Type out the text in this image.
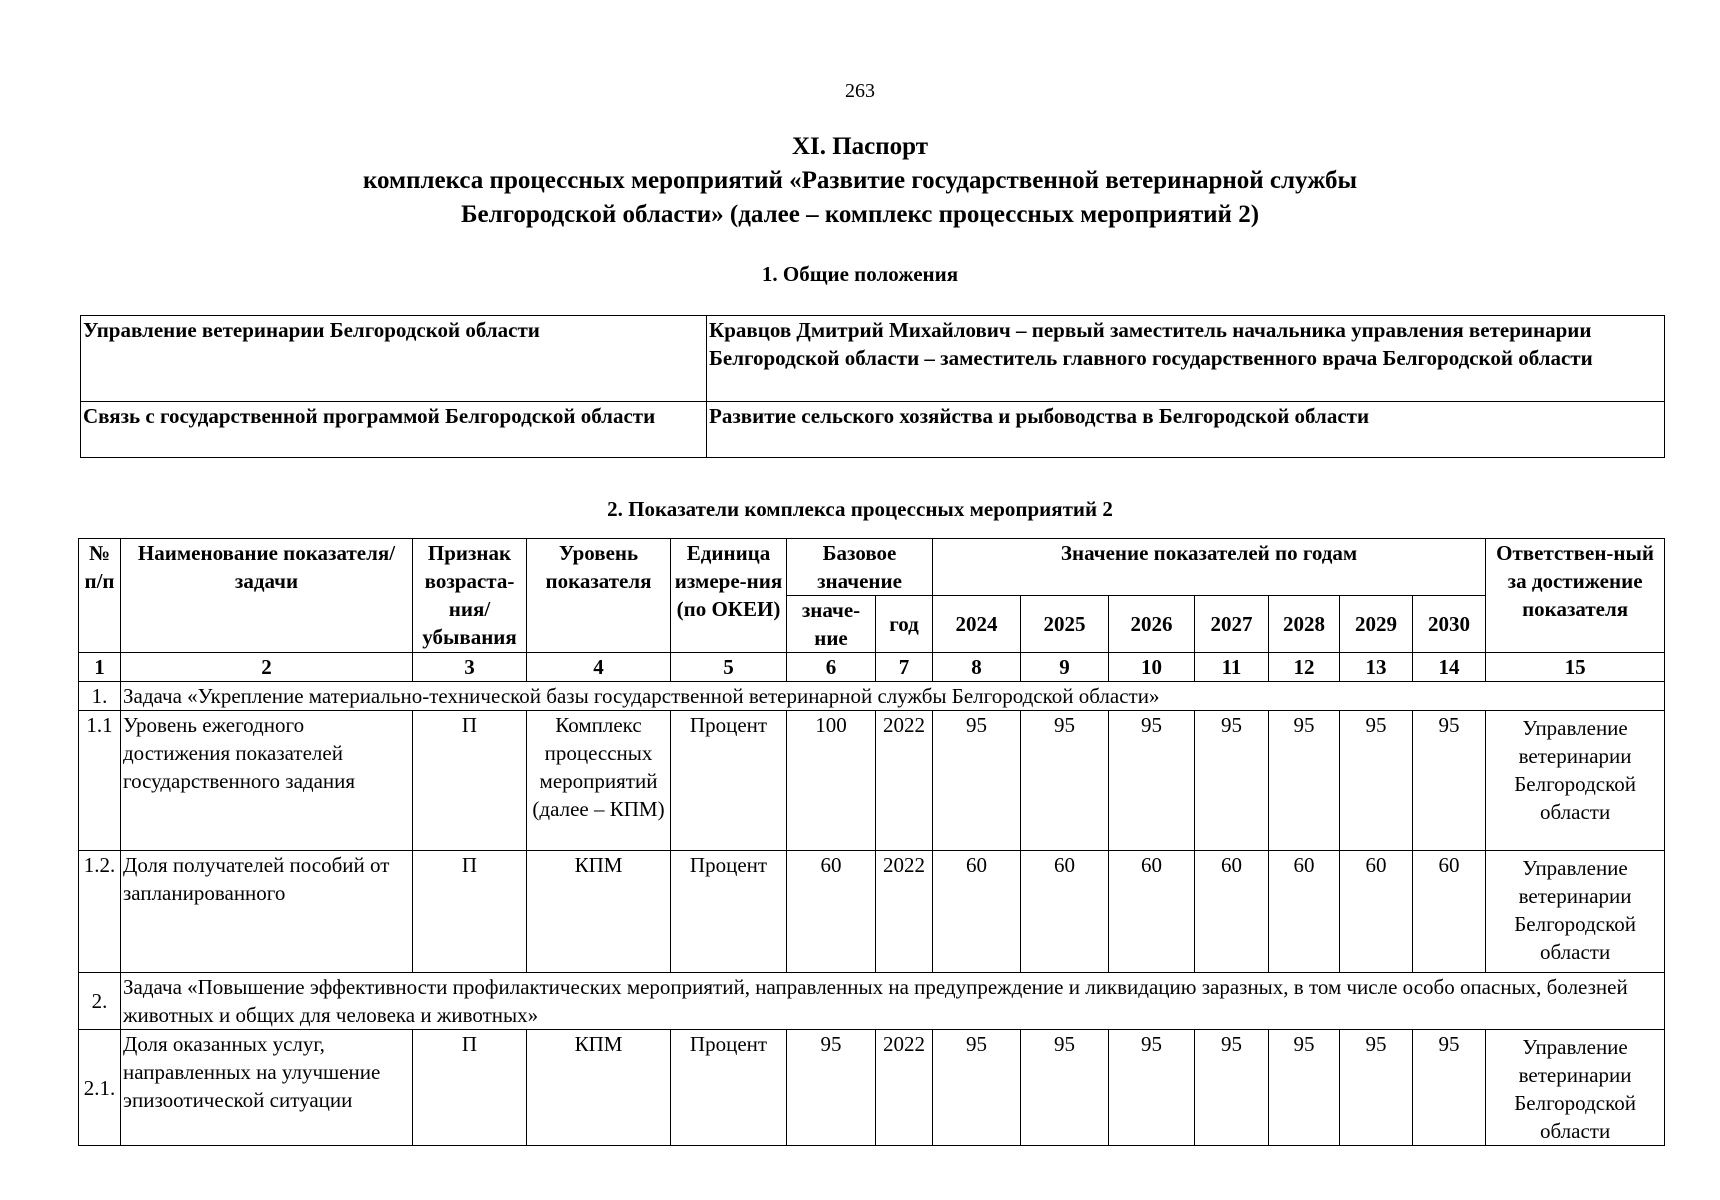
263
XI. Паспорт
комплекса процессных мероприятий «Развитие государственной ветеринарной службы
Белгородской области» (далее – комплекс процессных мероприятий 2)
1. Общие положения
Управление ветеринарии Белгородской области	Кравцов Дмитрий Михайлович – первый заместитель начальника управления ветеринарии Белгородской области – заместитель главного государственного врача Белгородской области
Связь с государственной программой Белгородской области	Развитие сельского хозяйства и рыбоводства в Белгородской области
2. Показатели комплекса процессных мероприятий 2
№ п/п	Наименование показателя/задачи	Признак возраста-ния/ убывания	Уровень показателя	Единица измере-ния (по ОКЕИ)	Базовое значение		Значение показателей по годам							Ответствен-ный за достижение показателя
					значе-ние	год	2024	2025	2026	2027	2028	2029	2030	
1	2	3	4	5	6	7	8	9	10	11	12	13	14	15
1.	Задача «Укрепление материально-технической базы государственной ветеринарной службы Белгородской области»													
1.1	Уровень ежегодного достижения показателей государственного задания	П	Комплекс процессных мероприятий (далее – КПМ)	Процент	100	2022	95	95	95	95	95	95	95	Управление ветеринарии Белгородской области
1.2.	Доля получателей пособий от запланированного	П	КПМ	Процент	60	2022	60	60	60	60	60	60	60	Управление ветеринарии Белгородской области
2.	Задача «Повышение эффективности профилактических мероприятий, направленных на предупреждение и ликвидацию заразных, в том числе особо опасных, болезней животных и общих для человека и животных»													
2.1.	Доля оказанных услуг, направленных на улучшение эпизоотической ситуации	П	КПМ	Процент	95	2022	95	95	95	95	95	95	95	Управление ветеринарии Белгородской области
